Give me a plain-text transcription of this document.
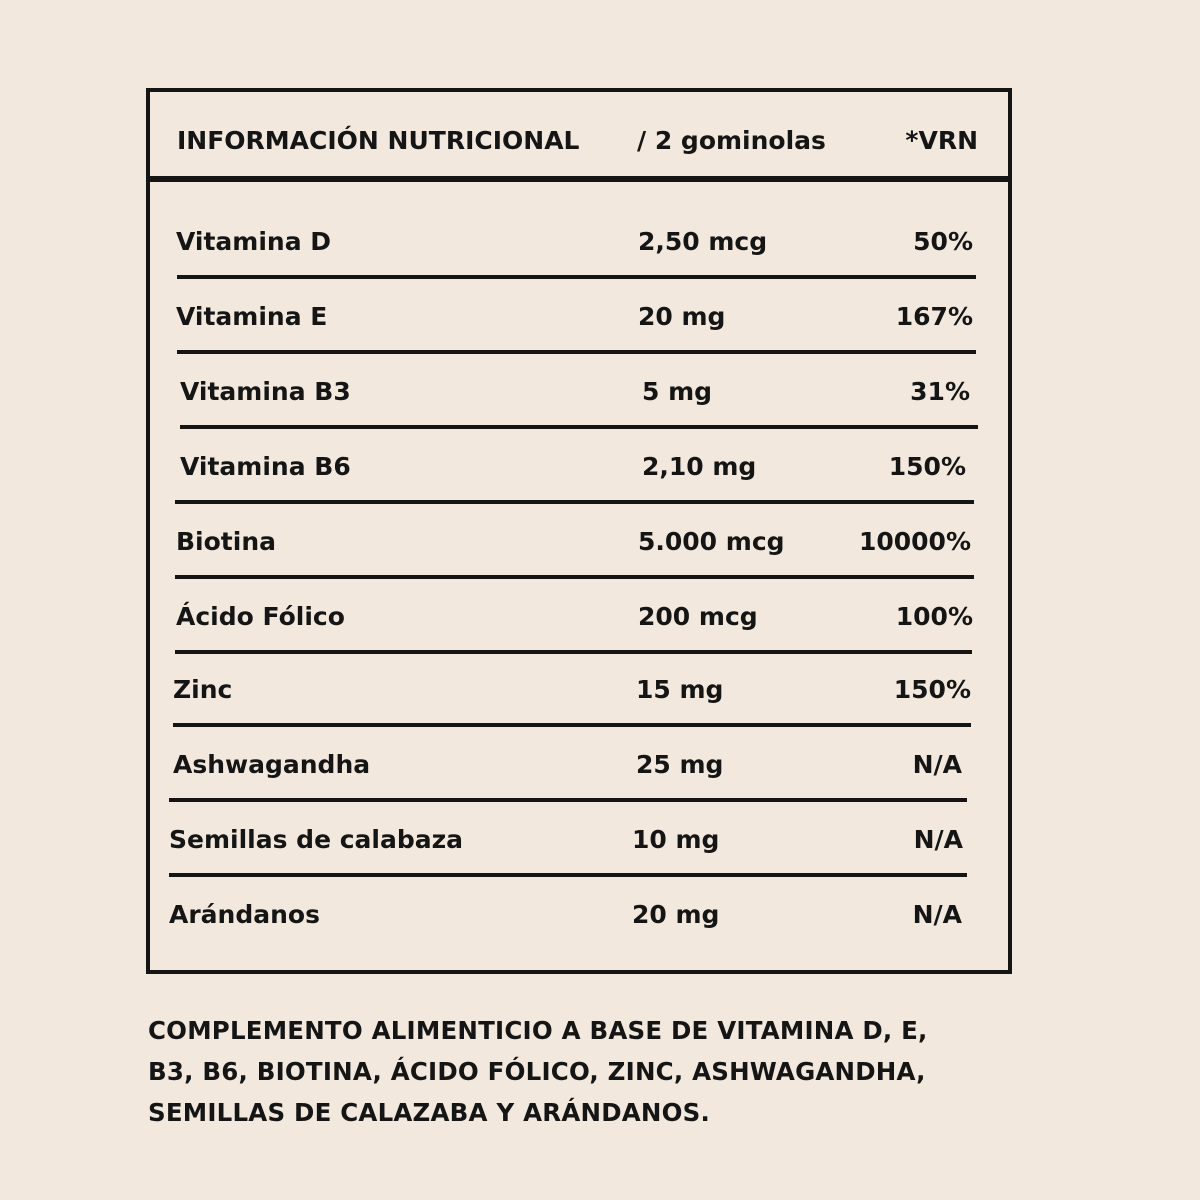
INFORMACIÓN NUTRICIONAL / 2 gominolas	*VRN
Vitamina D	2,50 mcg	50%
Vitamina E	20 mg	167%
Vitamina B3	5 mg	31%
Vitamina B6	2,10 mg	150%
Biotina	5.000 mcg	10000%
Ácido Fólico	200 mcg	100%
Zinc	15 mg	150%
Ashwagandha	25 mg	N/A
Semillas de calabaza	10 mg	N/A
Arándanos	20 mg	N/A
COMPLEMENTO ALIMENTICIO A BASE DE VITAMINA D, E,
B3, B6, BIOTINA, ÁCIDO FÓLICO, ZINC, ASHWAGANDHA,
SEMILLAS DE CALAZABA Y ARÁNDANOS.
